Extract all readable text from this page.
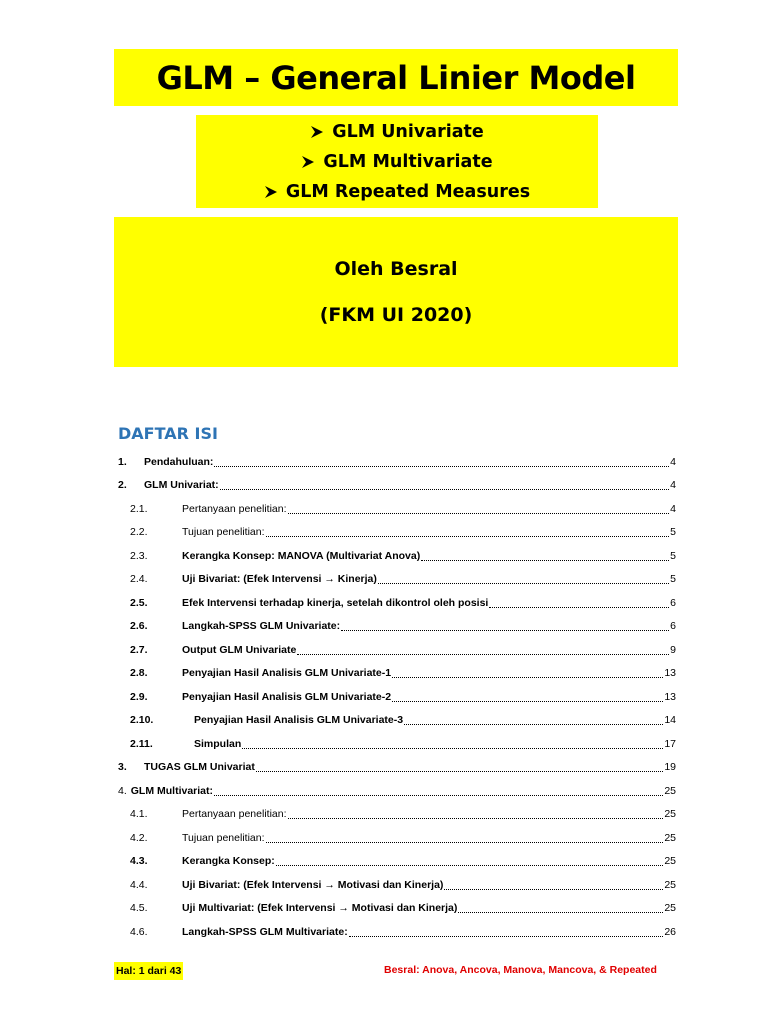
GLM – General Linier Model
GLM Univariate
GLM Multivariate
GLM Repeated Measures
Oleh Besral
(FKM UI 2020)
DAFTAR ISI
1.	Pendahuluan:	4
2.	GLM Univariat:	4
2.1.	Pertanyaan penelitian:	4
2.2.	Tujuan penelitian:	5
2.3.	Kerangka Konsep: MANOVA (Multivariat Anova)	5
2.4.	Uji Bivariat: (Efek Intervensi → Kinerja)	5
2.5.	Efek Intervensi terhadap kinerja, setelah dikontrol oleh posisi	6
2.6.	Langkah-SPSS GLM Univariate:	6
2.7.	Output GLM Univariate	9
2.8.	Penyajian Hasil Analisis GLM Univariate-1	13
2.9.	Penyajian Hasil Analisis GLM Univariate-2	13
2.10.	Penyajian Hasil Analisis GLM Univariate-3	14
2.11.	Simpulan	17
3.	TUGAS GLM Univariat	19
4. GLM Multivariat:	25
4.1.	Pertanyaan penelitian:	25
4.2.	Tujuan penelitian:	25
4.3.	Kerangka Konsep:	25
4.4.	Uji Bivariat: (Efek Intervensi → Motivasi dan Kinerja)	25
4.5.	Uji Multivariat: (Efek Intervensi → Motivasi dan Kinerja)	25
4.6.	Langkah-SPSS GLM Multivariate:	26
Hal: 1 dari 43	Besral: Anova, Ancova, Manova, Mancova, & Repeated
